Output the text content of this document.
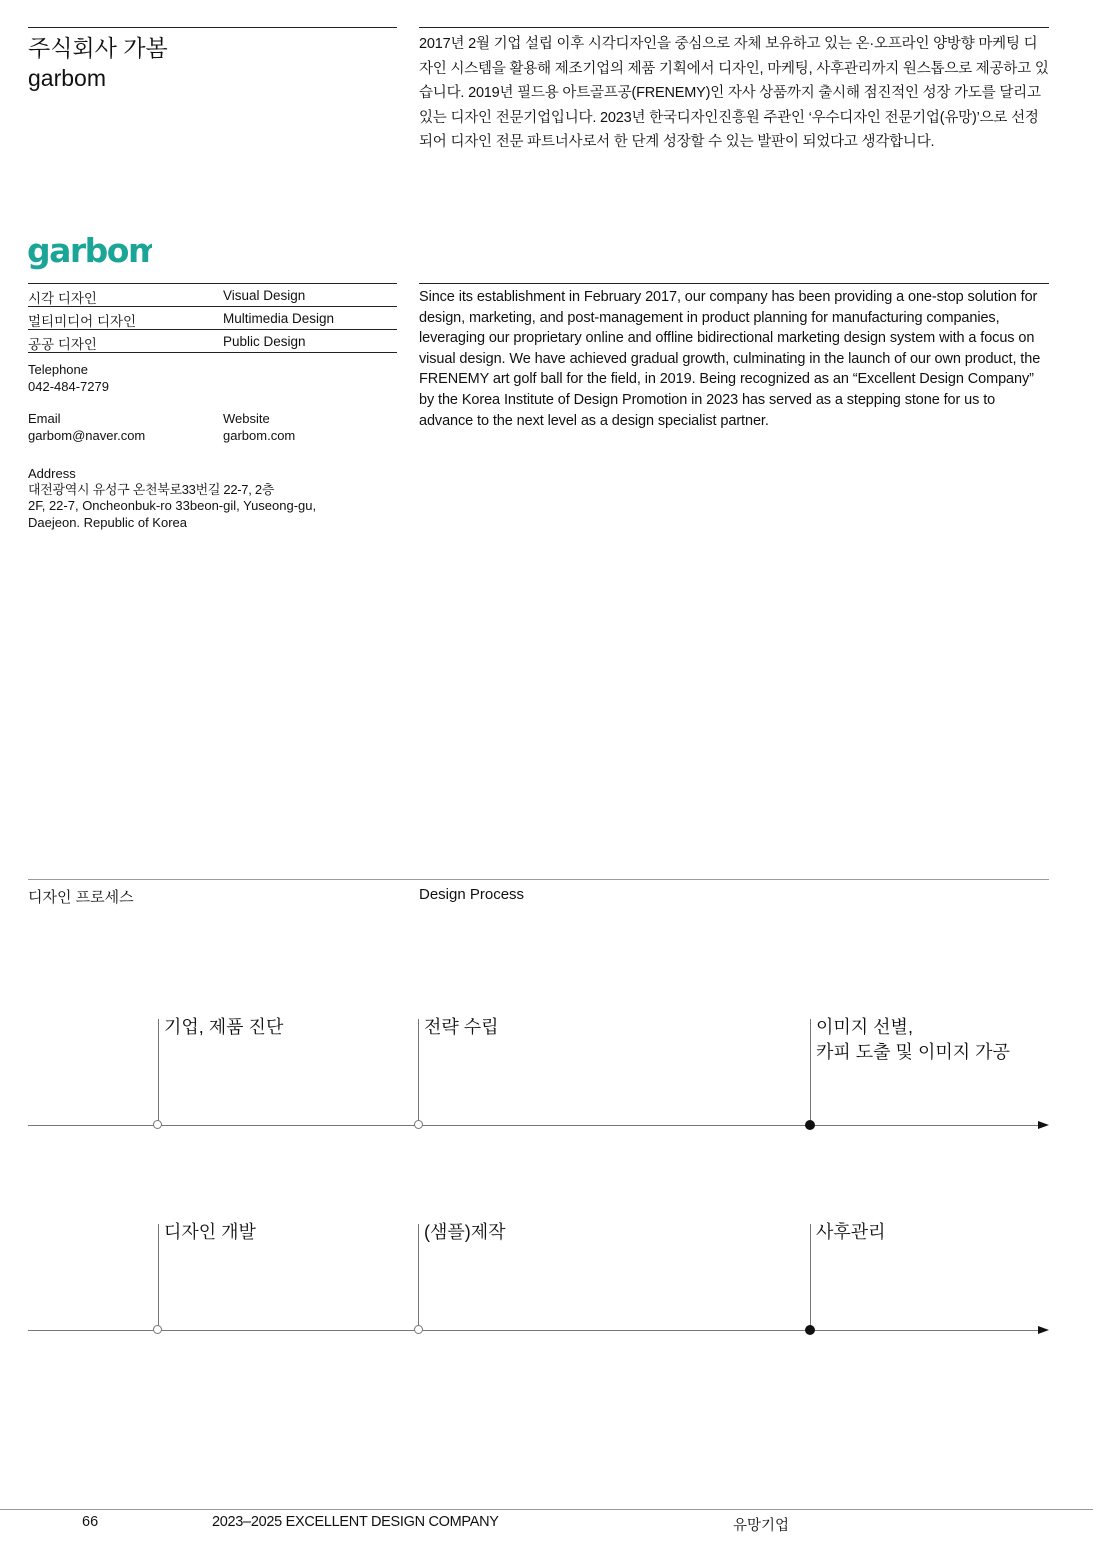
주식회사 가봄
garbom
2017년 2월 기업 설립 이후 시각디자인을 중심으로 자체 보유하고 있는 온·오프라인 양방향 마케팅 디자인 시스템을 활용해 제조기업의 제품 기획에서 디자인, 마케팅, 사후관리까지 원스톱으로 제공하고 있습니다. 2019년 필드용 아트골프공(FRENEMY)인 자사 상품까지 출시해 점진적인 성장 가도를 달리고 있는 디자인 전문기업입니다. 2023년 한국디자인진흥원 주관인 ‘우수디자인 전문기업(유망)’으로 선정되어 디자인 전문 파트너사로서 한 단계 성장할 수 있는 발판이 되었다고 생각합니다.
garbom
시각 디자인	Visual Design
멀티미디어 디자인	Multimedia Design
공공 디자인	Public Design
Telephone
042-484-7279
Email
garbom@naver.com
Website
garbom.com
Address
대전광역시 유성구 온천북로33번길 22-7, 2층
2F, 22-7, Oncheonbuk-ro 33beon-gil, Yuseong-gu, Daejeon. Republic of Korea
Since its establishment in February 2017, our company has been providing a one-stop solution for design, marketing, and post-management in product planning for manufacturing companies, leveraging our proprietary online and offline bidirectional marketing design system with a focus on visual design. We have achieved gradual growth, culminating in the launch of our own product, the FRENEMY art golf ball for the field, in 2019. Being recognized as an “Excellent Design Company” by the Korea Institute of Design Promotion in 2023 has served as a stepping stone for us to advance to the next level as a design specialist partner.
디자인 프로세스	Design Process
기업, 제품 진단	전략 수립	이미지 선별,
카피 도출 및 이미지 가공
디자인 개발	(샘플)제작	사후관리
66	2023–2025 EXCELLENT DESIGN COMPANY	유망기업
